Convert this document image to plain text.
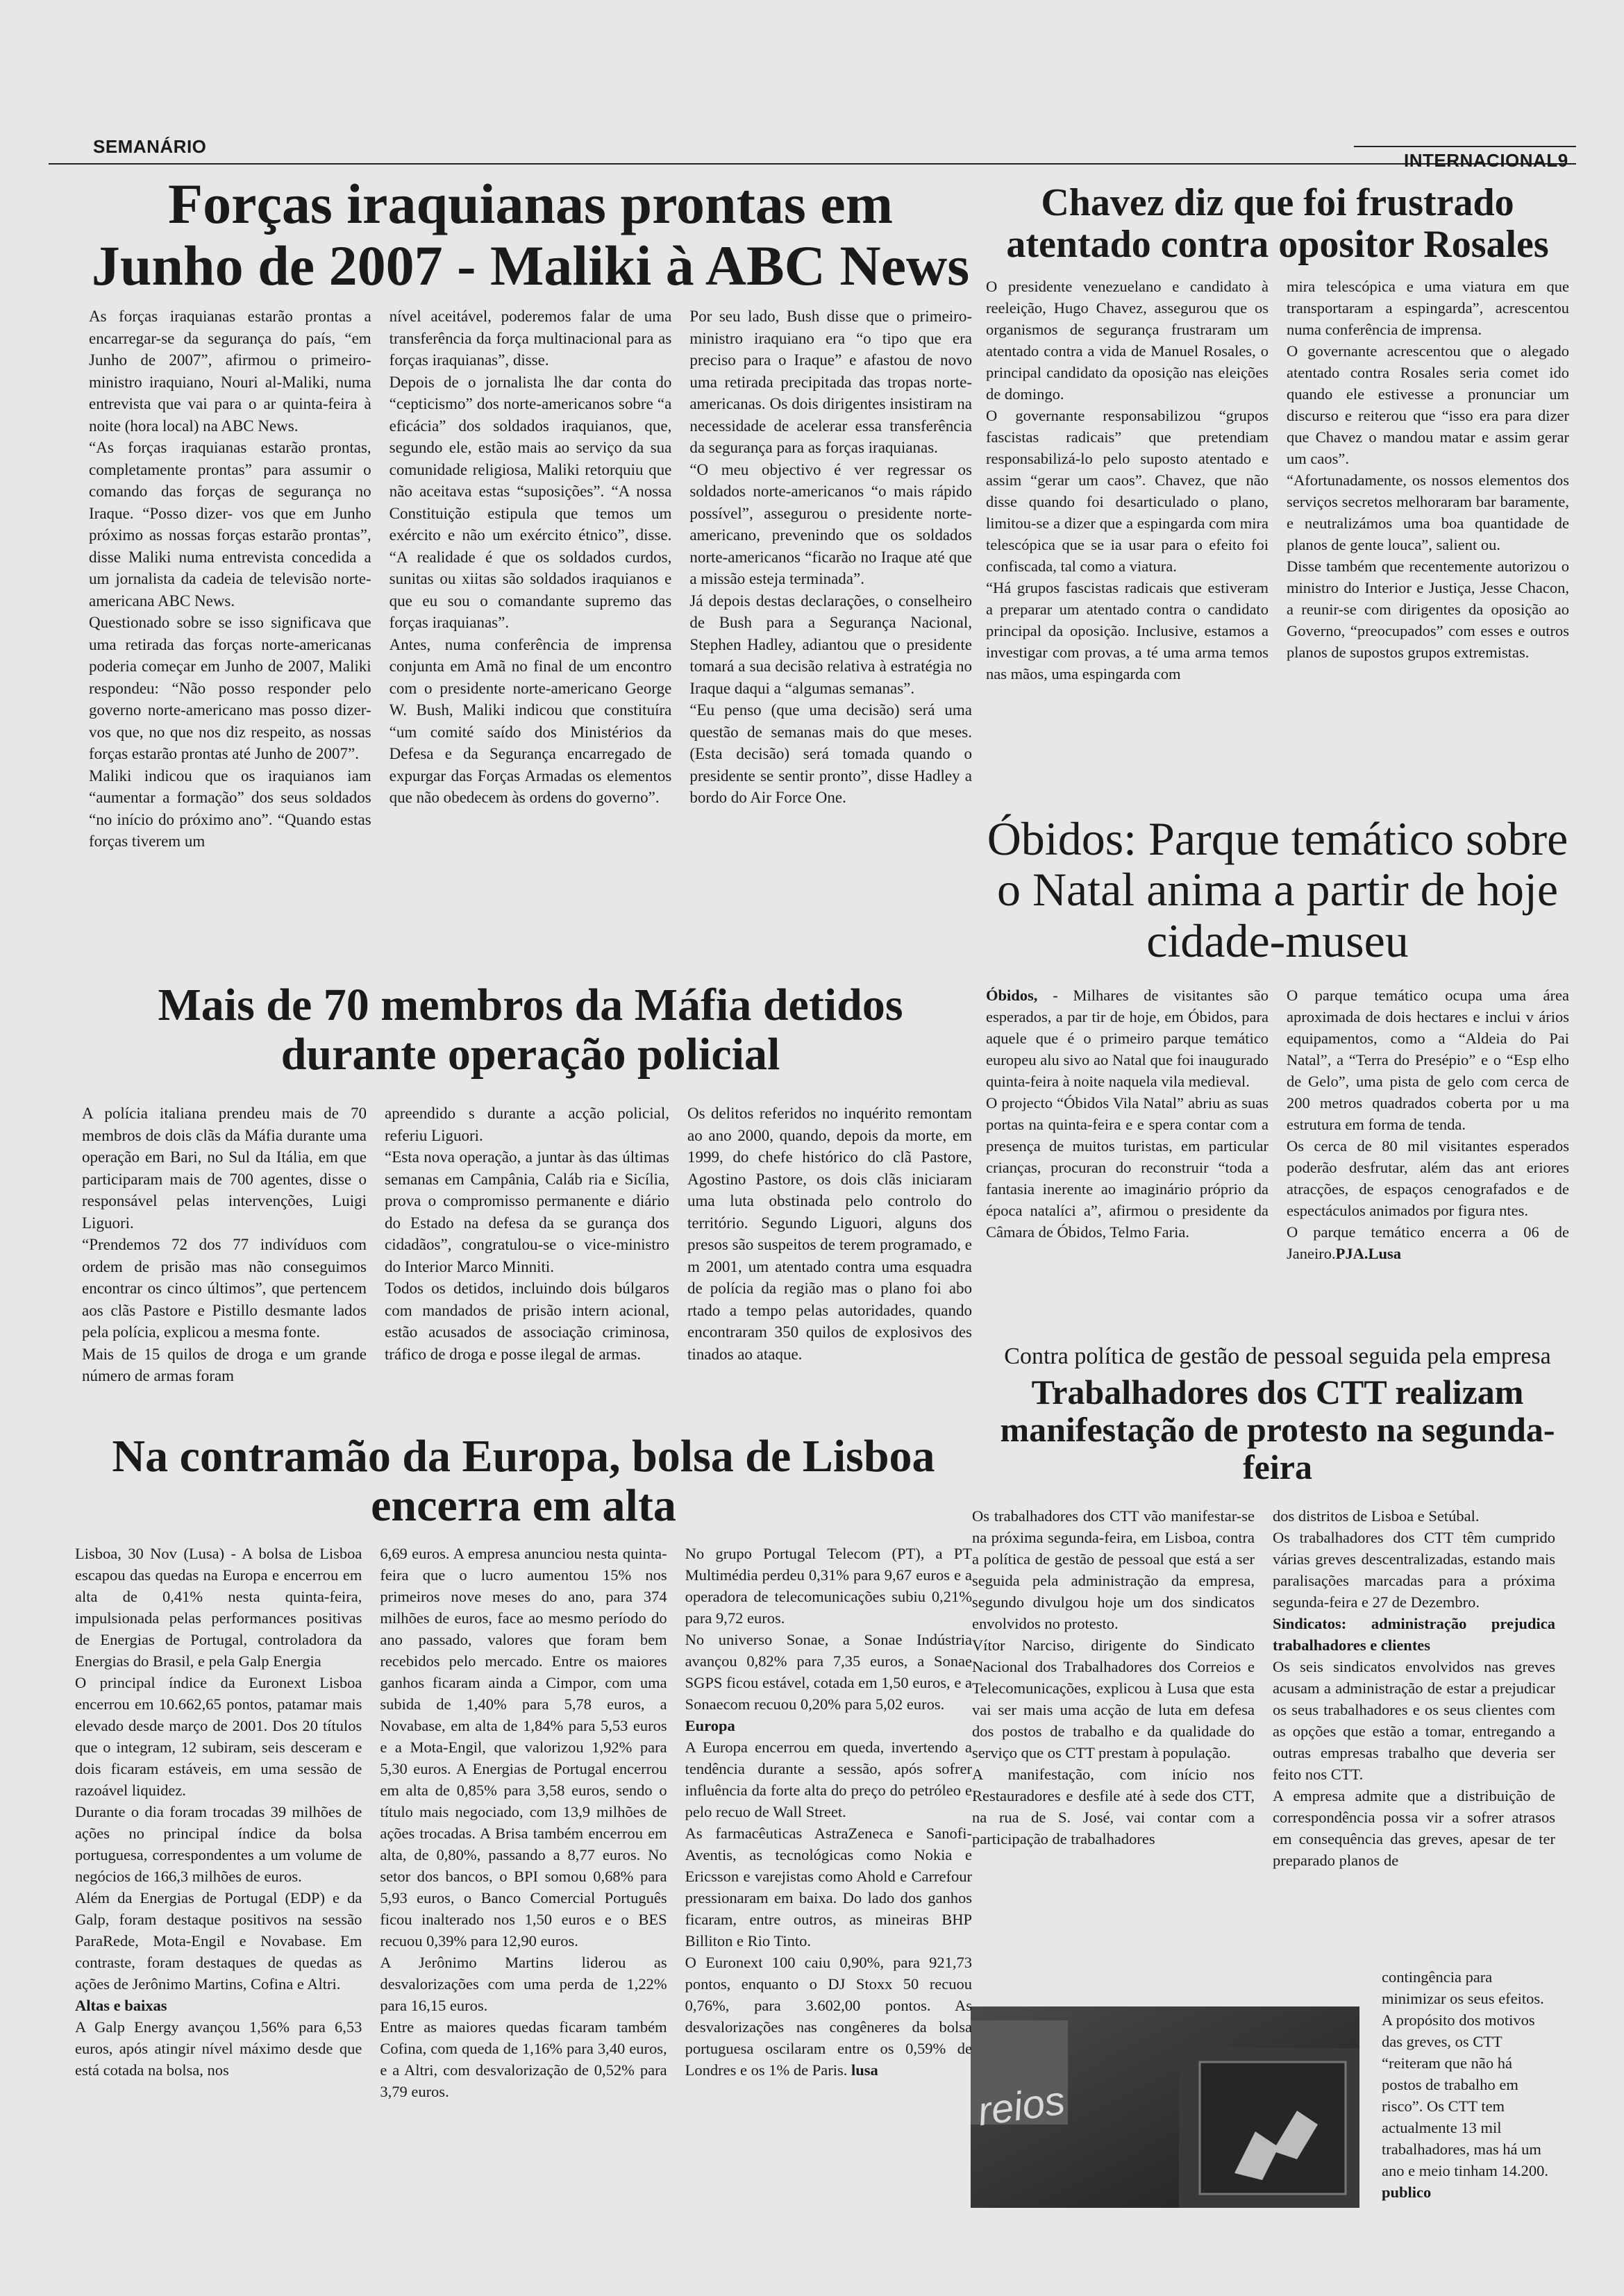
SEMANÁRIO
INTERNACIONAL9
Forças iraquianas prontas em Junho de 2007 - Maliki à ABC News

As forças iraquianas estarão prontas a encarregar-se da segurança do país, “em Junho de 2007”, afirmou o primeiro-ministro iraquiano, Nouri al-Maliki, numa entrevista que vai para o ar quinta-feira à noite (hora local) na ABC News.

“As forças iraquianas estarão prontas, completamente prontas” para assumir o comando das forças de segurança no Iraque. “Posso dizer- vos que em Junho próximo as nossas forças estarão prontas”, disse Maliki numa entrevista concedida a um jornalista da cadeia de televisão norte-americana ABC News.

Questionado sobre se isso significava que uma retirada das forças norte-americanas poderia começar em Junho de 2007, Maliki respondeu: “Não posso responder pelo governo norte-americano mas posso dizer-vos que, no que nos diz respeito, as nossas forças estarão prontas até Junho de 2007”.

Maliki indicou que os iraquianos iam “aumentar a formação” dos seus soldados “no início do próximo ano”. “Quando estas forças tiverem um

nível aceitável, poderemos falar de uma transferência da força multinacional para as forças iraquianas”, disse.

Depois de o jornalista lhe dar conta do “cepticismo” dos norte-americanos sobre “a eficácia” dos soldados iraquianos, que, segundo ele, estão mais ao serviço da sua comunidade religiosa, Maliki retorquiu que não aceitava estas “suposições”. “A nossa Constituição estipula que temos um exército e não um exército étnico”, disse. “A realidade é que os soldados curdos, sunitas ou xiitas são soldados iraquianos e que eu sou o comandante supremo das forças iraquianas”.

Antes, numa conferência de imprensa conjunta em Amã no final de um encontro com o presidente norte-americano George W. Bush, Maliki indicou que constituíra “um comité saído dos Ministérios da Defesa e da Segurança encarregado de expurgar das Forças Armadas os elementos que não obedecem às ordens do governo”.

Por seu lado, Bush disse que o primeiro-ministro iraquiano era “o tipo que era preciso para o Iraque” e afastou de novo uma retirada precipitada das tropas norte-americanas. Os dois dirigentes insistiram na necessidade de acelerar essa transferência da segurança para as forças iraquianas.

“O meu objectivo é ver regressar os soldados norte-americanos “o mais rápido possível”, assegurou o presidente norte-americano, prevenindo que os soldados norte-americanos “ficarão no Iraque até que a missão esteja terminada”.

Já depois destas declarações, o conselheiro de Bush para a Segurança Nacional, Stephen Hadley, adiantou que o presidente tomará a sua decisão relativa à estratégia no Iraque daqui a “algumas semanas”.

“Eu penso (que uma decisão) será uma questão de semanas mais do que meses. (Esta decisão) será tomada quando o presidente se sentir pronto”, disse Hadley a bordo do Air Force One.

Chavez diz que foi frustrado atentado contra opositor Rosales

O presidente venezuelano e candidato à reeleição, Hugo Chavez, assegurou que os organismos de segurança frustraram um atentado contra a vida de Manuel Rosales, o principal candidato da oposição nas eleições de domingo.

O governante responsabilizou “grupos fascistas radicais” que pretendiam responsabilizá-lo pelo suposto atentado e assim “gerar um caos”. Chavez, que não disse quando foi desarticulado o plano, limitou-se a dizer que a espingarda com mira telescópica que se ia usar para o efeito foi confiscada, tal como a viatura.

“Há grupos fascistas radicais que estiveram a preparar um atentado contra o candidato principal da oposição. Inclusive, estamos a investigar com provas, a té uma arma temos nas mãos, uma espingarda com

mira telescópica e uma viatura em que transportaram a espingarda”, acrescentou numa conferência de imprensa.

O governante acrescentou que o alegado atentado contra Rosales seria comet ido quando ele estivesse a pronunciar um discurso e reiterou que “isso era para dizer que Chavez o mandou matar e assim gerar um caos”.

“Afortunadamente, os nossos elementos dos serviços secretos melhoraram bar baramente, e neutralizámos uma boa quantidade de planos de gente louca”, salient ou.

Disse também que recentemente autorizou o ministro do Interior e Justiça, Jesse Chacon, a reunir-se com dirigentes da oposição ao Governo, “preocupados” com esses e outros planos de supostos grupos extremistas.

Óbidos: Parque temático sobre o Natal anima a partir de hoje cidade-museu

Óbidos, - Milhares de visitantes são esperados, a par tir de hoje, em Óbidos, para aquele que é o primeiro parque temático europeu alu sivo ao Natal que foi inaugurado quinta-feira à noite naquela vila medieval.

O projecto “Óbidos Vila Natal” abriu as suas portas na quinta-feira e e spera contar com a presença de muitos turistas, em particular crianças, procuran do reconstruir “toda a fantasia inerente ao imaginário próprio da época natalíci a”, afirmou o presidente da Câmara de Óbidos, Telmo Faria.

O parque temático ocupa uma área aproximada de dois hectares e inclui v ários equipamentos, como a “Aldeia do Pai Natal”, a “Terra do Presépio” e o “Esp elho de Gelo”, uma pista de gelo com cerca de 200 metros quadrados coberta por u ma estrutura em forma de tenda.

Os cerca de 80 mil visitantes esperados poderão desfrutar, além das ant eriores atracções, de espaços cenografados e de espectáculos animados por figura ntes.

O parque temático encerra a 06 de Janeiro.PJA.Lusa

Mais de 70 membros da Máfia detidos durante operação policial

A polícia italiana prendeu mais de 70 membros de dois clãs da Máfia durante uma operação em Bari, no Sul da Itália, em que participaram mais de 700 agentes, disse o responsável pelas intervenções, Luigi Liguori.

“Prendemos 72 dos 77 indivíduos com ordem de prisão mas não conseguimos encontrar os cinco últimos”, que pertencem aos clãs Pastore e Pistillo desmante lados pela polícia, explicou a mesma fonte.

Mais de 15 quilos de droga e um grande número de armas foram

apreendido s durante a acção policial, referiu Liguori.

“Esta nova operação, a juntar às das últimas semanas em Campânia, Caláb ria e Sicília, prova o compromisso permanente e diário do Estado na defesa da se gurança dos cidadãos”, congratulou-se o vice-ministro do Interior Marco Minniti.

Todos os detidos, incluindo dois búlgaros com mandados de prisão intern acional, estão acusados de associação criminosa, tráfico de droga e posse ilegal de armas.

Os delitos referidos no inquérito remontam ao ano 2000, quando, depois da morte, em 1999, do chefe histórico do clã Pastore, Agostino Pastore, os dois clãs iniciaram uma luta obstinada pelo controlo do território. Segundo Liguori, alguns dos presos são suspeitos de terem programado, e m 2001, um atentado contra uma esquadra de polícia da região mas o plano foi abo rtado a tempo pelas autoridades, quando encontraram 350 quilos de explosivos des tinados ao ataque.	Contra política de gestão de pessoal seguida pela empresa
Trabalhadores dos CTT realizam manifestação de protesto na segunda-feira

Os trabalhadores dos CTT vão manifestar-se na próxima segunda-feira, em Lisboa, contra a política de gestão de pessoal que está a ser seguida pela administração da empresa, segundo divulgou hoje um dos sindicatos envolvidos no protesto.

Vítor Narciso, dirigente do Sindicato Nacional dos Trabalhadores dos Correios e Telecomunicações, explicou à Lusa que esta vai ser mais uma acção de luta em defesa dos postos de trabalho e da qualidade do serviço que os CTT prestam à população.

A manifestação, com início nos Restauradores e desfile até à sede dos CTT, na rua de S. José, vai contar com a participação de trabalhadores

dos distritos de Lisboa e Setúbal.

Os trabalhadores dos CTT têm cumprido várias greves descentralizadas, estando mais paralisações marcadas para a próxima segunda-feira e 27 de Dezembro.

Sindicatos: administração prejudica trabalhadores e clientes

Os seis sindicatos envolvidos nas greves acusam a administração de estar a prejudicar os seus trabalhadores e os seus clientes com as opções que estão a tomar, entregando a outras empresas trabalho que deveria ser feito nos CTT.

A empresa admite que a distribuição de correspondência possa vir a sofrer atrasos em consequência das greves, apesar de ter preparado planos de

reios

contingência para minimizar os seus efeitos.

A propósito dos motivos das greves, os CTT “reiteram que não há postos de trabalho em risco”. Os CTT tem actualmente 13 mil trabalhadores, mas há um ano e meio tinham 14.200. publico

Na contramão da Europa, bolsa de Lisboa encerra em alta

Lisboa, 30 Nov (Lusa) - A bolsa de Lisboa escapou das quedas na Europa e encerrou em alta de 0,41% nesta quinta-feira, impulsionada pelas performances positivas de Energias de Portugal, controladora da Energias do Brasil, e pela Galp Energia

O principal índice da Euronext Lisboa encerrou em 10.662,65 pontos, patamar mais elevado desde março de 2001. Dos 20 títulos que o integram, 12 subiram, seis desceram e dois ficaram estáveis, em uma sessão de razoável liquidez.

Durante o dia foram trocadas 39 milhões de ações no principal índice da bolsa portuguesa, correspondentes a um volume de negócios de 166,3 milhões de euros.

Além da Energias de Portugal (EDP) e da Galp, foram destaque positivos na sessão ParaRede, Mota-Engil e Novabase. Em contraste, foram destaques de quedas as ações de Jerônimo Martins, Cofina e Altri.

Altas e baixas

A Galp Energy avançou 1,56% para 6,53 euros, após atingir nível máximo desde que está cotada na bolsa, nos

6,69 euros. A empresa anunciou nesta quinta-feira que o lucro aumentou 15% nos primeiros nove meses do ano, para 374 milhões de euros, face ao mesmo período do ano passado, valores que foram bem recebidos pelo mercado. Entre os maiores ganhos ficaram ainda a Cimpor, com uma subida de 1,40% para 5,78 euros, a Novabase, em alta de 1,84% para 5,53 euros e a Mota-Engil, que valorizou 1,92% para 5,30 euros. A Energias de Portugal encerrou em alta de 0,85% para 3,58 euros, sendo o título mais negociado, com 13,9 milhões de ações trocadas. A Brisa também encerrou em alta, de 0,80%, passando a 8,77 euros. No setor dos bancos, o BPI somou 0,68% para 5,93 euros, o Banco Comercial Português ficou inalterado nos 1,50 euros e o BES recuou 0,39% para 12,90 euros.

A Jerônimo Martins liderou as desvalorizações com uma perda de 1,22% para 16,15 euros.

Entre as maiores quedas ficaram também Cofina, com queda de 1,16% para 3,40 euros, e a Altri, com desvalorização de 0,52% para 3,79 euros.

No grupo Portugal Telecom (PT), a PT Multimédia perdeu 0,31% para 9,67 euros e a operadora de telecomunicações subiu 0,21% para 9,72 euros.

No universo Sonae, a Sonae Indústria avançou 0,82% para 7,35 euros, a Sonae SGPS ficou estável, cotada em 1,50 euros, e a Sonaecom recuou 0,20% para 5,02 euros.

Europa

A Europa encerrou em queda, invertendo a tendência durante a sessão, após sofrer influência da forte alta do preço do petróleo e pelo recuo de Wall Street.

As farmacêuticas AstraZeneca e Sanofi-Aventis, as tecnológicas como Nokia e Ericsson e varejistas como Ahold e Carrefour pressionaram em baixa. Do lado dos ganhos ficaram, entre outros, as mineiras BHP Billiton e Rio Tinto.

O Euronext 100 caiu 0,90%, para 921,73 pontos, enquanto o DJ Stoxx 50 recuou 0,76%, para 3.602,00 pontos. As desvalorizações nas congêneres da bolsa portuguesa oscilaram entre os 0,59% de Londres e os 1% de Paris. lusa
